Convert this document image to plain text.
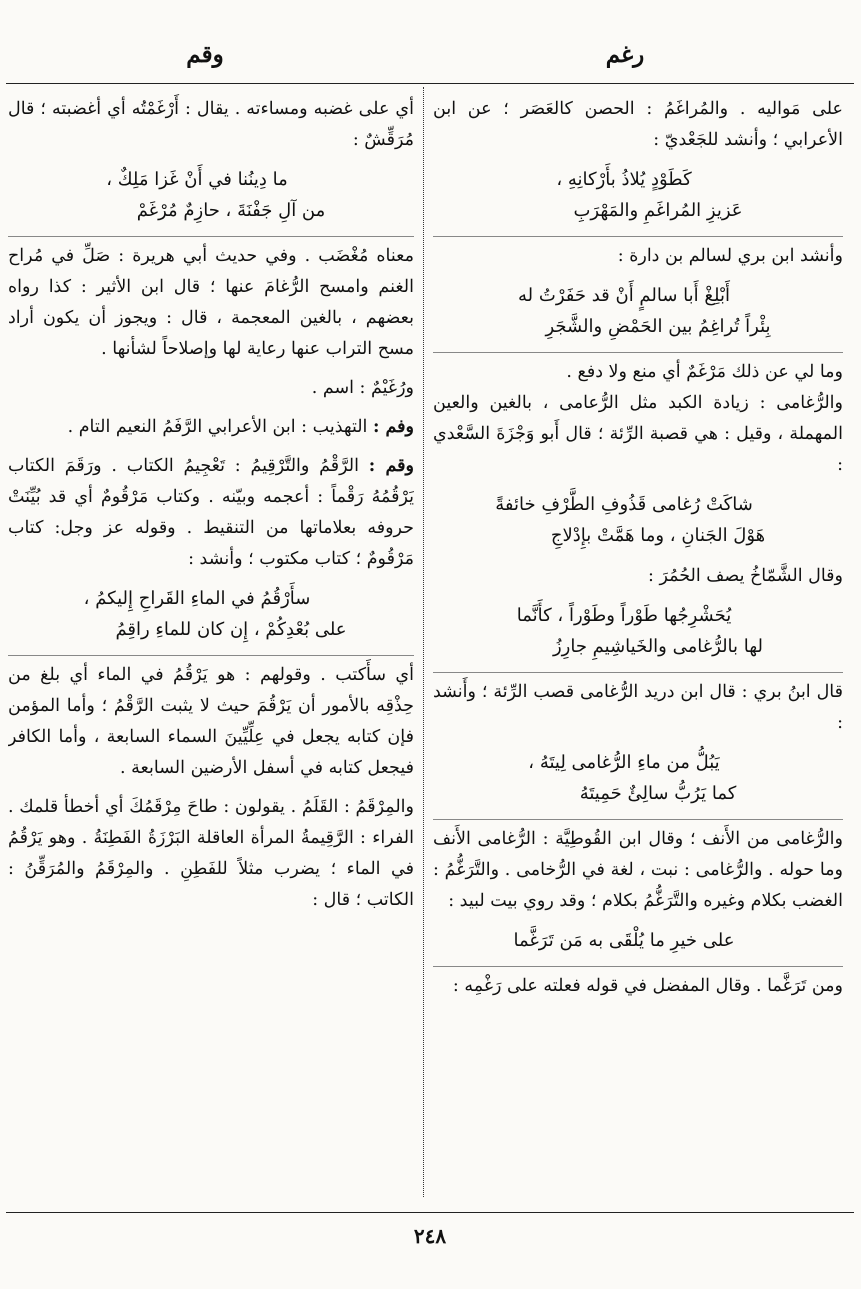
رغم
وقم

على مَواليه . والمُراغَمُ : الحصن كالعَصَر ؛ عن ابن الأعرابي ؛ وأنشد للجَعْديّ :

كَطَوْدٍ يُلاذُ بأَرْكانِهِ ،
عَزيزِ المُراغَمِ والمَهْرَبِ

وأنشد ابن بري لسالم بن دارة :

أَبْلِغْ أَبا سالمٍ أَنْ قد حَفَرْتُ له
بِئْراً تُراغِمُ بين الحَمْضِ والشَّجَرِ

وما لي عن ذلك مَرْغَمٌ أي منع ولا دفع .

والرُّغامى : زيادة الكبد مثل الرُّعامى ، بالغين والعين المهملة ، وقيل : هي قصبة الرِّئة ؛ قال أَبو وَجْزَةَ السَّعْدي :

شاكَتْ رُغامى قَذُوفِ الطَّرْفِ خائفةً
هَوْلَ الجَنانِ ، وما هَمَّتْ بإِدْلاجِ

وقال الشَّمّاخُ يصف الحُمُرَ :

يُحَشْرِجُها طَوْراً وطَوْراً ، كأَنَّما
لها بالرُّغامى والخَياشِيمِ جارِزُ

قال ابنُ بري : قال ابن دريد الرُّغامى قصب الرِّئة ؛ وأَنشد :

يَبُلُّ من ماءِ الرُّغامى لِيتَهُ ،
كما يَرُبُّ سالِئٌ حَمِيتَهُ

والرُّغامى من الأَنف ؛ وقال ابن القُوطِيَّة : الرُّغامى الأَنف وما حوله . والرُّغامى : نبت ، لغة في الرُّخامى . والتَّرَغُّمُ : الغضب بكلام وغيره والتَّرَغُّمُ بكلام ؛ وقد روي بيت لبيد :

على خيرِ ما يُلْقَى به مَن تَرَغَّما

ومن تَرَغَّما . وقال المفضل في قوله فعلته على رَغْمِه :

أي على غضبه ومساءته . يقال : أَرْغَمْتُه أي أغضبته ؛ قال مُرَقِّشٌ :

ما دِينُنا في أَنْ غَزا مَلِكٌ ،
من آلِ جَفْنَةَ ، حازِمٌ مُرْغَمْ

معناه مُغْضَب . وفي حديث أبي هريرة : صَلِّ في مُراح الغنم وامسح الرُّغامَ عنها ؛ قال ابن الأثير : كذا رواه بعضهم ، بالغين المعجمة ، قال : ويجوز أن يكون أراد مسح التراب عنها رعاية لها وإصلاحاً لشأنها .

ورُغَيْمٌ : اسم .

وفم : التهذيب : ابن الأعرابي الرَّفَمُ النعيم التام .

وقم : الرَّقْمُ والتَّرْقِيمُ : تَعْجِيمُ الكتاب . ورَقَمَ الكتاب يَرْقُمُهُ رَقْماً : أعجمه وبيّنه . وكتاب مَرْقُومٌ أي قد بُيِّنَتْ حروفه بعلاماتها من التنقيط . وقوله عز وجل: كتاب مَرْقُومٌ ؛ كتاب مكتوب ؛ وأنشد :

سأَرْقُمُ في الماءِ القَراحِ إِليكمُ ،
على بُعْدِكُمْ ، إِن كان للماءِ راقِمُ

أي سأَكتب . وقولهم : هو يَرْقُمُ في الماء أي بلغ من حِذْقِه بالأمور أن يَرْقُمَ حيث لا يثبت الرَّقْمُ ؛ وأما المؤمن فإن كتابه يجعل في عِلِّيِّينَ السماء السابعة ، وأما الكافر فيجعل كتابه في أسفل الأرضين السابعة .

والمِرْقَمُ : القَلَمُ . يقولون : طاحَ مِرْقَمُكَ أي أخطأ قلمك . الفراء : الرَّقِيمةُ المرأة العاقلة البَرْزَةُ الفَطِنَةُ . وهو يَرْقُمُ في الماء ؛ يضرب مثلاً للفَطِنِ . والمِرْقَمُ والمُرَقِّنُ : الكاتب ؛ قال :

٢٤٨
